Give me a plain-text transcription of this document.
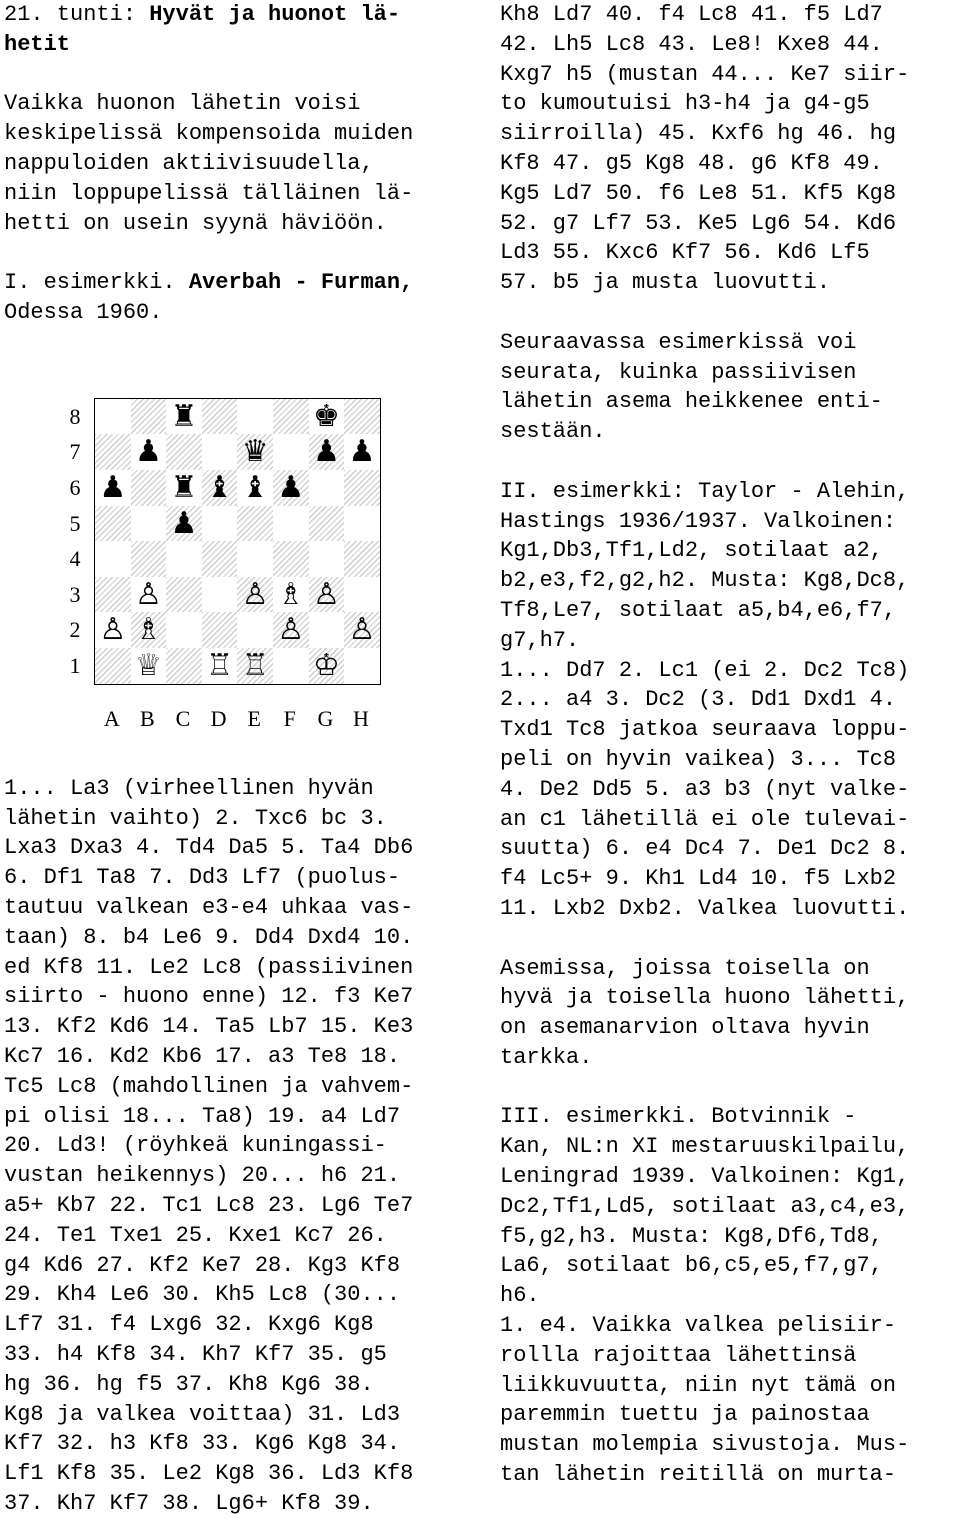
21. tunti: Hyvät ja huonot lä-
hetit
Vaikka huonon lähetin voisi
keskipelissä kompensoida muiden
nappuloiden aktiivisuudella,
niin loppupelissä tälläinen lä-
hetti on usein syynä häviöön.
I. esimerkki. Averbah - Furman,
Odessa 1960.
8
7
6
5
4
3
2
1
♜	♚
♟	♛ ♟ ♟
♟ ♜ ♝ ♝ ♟
♟
♙	♙ ♗ ♙
♙ ♗	♙ ♙
♕ ♖ ♖ ♔
A B C D E	F G H
1... La3 (virheellinen hyvän
lähetin vaihto) 2. Txc6 bc 3.
Lxa3 Dxa3 4. Td4 Da5 5. Ta4 Db6
6. Df1 Ta8 7. Dd3 Lf7 (puolus-
tautuu valkean e3-e4 uhkaa vas-
taan) 8. b4 Le6 9. Dd4 Dxd4 10.
ed Kf8 11. Le2 Lc8 (passiivinen
siirto - huono enne) 12. f3 Ke7
13. Kf2 Kd6 14. Ta5 Lb7 15. Ke3
Kc7 16. Kd2 Kb6 17. a3 Te8 18.
Tc5 Lc8 (mahdollinen ja vahvem-
pi olisi 18... Ta8) 19. a4 Ld7
20. Ld3! (röyhkeä kuningassi-
vustan heikennys) 20... h6 21.
a5+ Kb7 22. Tc1 Lc8 23. Lg6 Te7
24. Te1 Txe1 25. Kxe1 Kc7 26.
g4 Kd6 27. Kf2 Ke7 28. Kg3 Kf8
29. Kh4 Le6 30. Kh5 Lc8 (30...
Lf7 31. f4 Lxg6 32. Kxg6 Kg8
33. h4 Kf8 34. Kh7 Kf7 35. g5
hg 36. hg f5 37. Kh8 Kg6 38.
Kg8 ja valkea voittaa) 31. Ld3
Kf7 32. h3 Kf8 33. Kg6 Kg8 34.
Lf1 Kf8 35. Le2 Kg8 36. Ld3 Kf8
37. Kh7 Kf7 38. Lg6+ Kf8 39.
Kh8 Ld7 40. f4 Lc8 41. f5 Ld7
42. Lh5 Lc8 43. Le8! Kxe8 44.
Kxg7 h5 (mustan 44... Ke7 siir-
to kumoutuisi h3-h4 ja g4-g5
siirroilla) 45. Kxf6 hg 46. hg
Kf8 47. g5 Kg8 48. g6 Kf8 49.
Kg5 Ld7 50. f6 Le8 51. Kf5 Kg8
52. g7 Lf7 53. Ke5 Lg6 54. Kd6
Ld3 55. Kxc6 Kf7 56. Kd6 Lf5
57. b5 ja musta luovutti.
Seuraavassa esimerkissä voi
seurata, kuinka passiivisen
lähetin asema heikkenee enti-
sestään.
II. esimerkki: Taylor - Alehin,
Hastings 1936/1937. Valkoinen:
Kg1,Db3,Tf1,Ld2, sotilaat a2,
b2,e3,f2,g2,h2. Musta: Kg8,Dc8,
Tf8,Le7, sotilaat a5,b4,e6,f7,
g7,h7.
1... Dd7 2. Lc1 (ei 2. Dc2 Tc8)
2... a4 3. Dc2 (3. Dd1 Dxd1 4.
Txd1 Tc8 jatkoa seuraava loppu-
peli on hyvin vaikea) 3... Tc8
4. De2 Dd5 5. a3 b3 (nyt valke-
an c1 lähetillä ei ole tulevai-
suutta) 6. e4 Dc4 7. De1 Dc2 8.
f4 Lc5+ 9. Kh1 Ld4 10. f5 Lxb2
11. Lxb2 Dxb2. Valkea luovutti.
Asemissa, joissa toisella on
hyvä ja toisella huono lähetti,
on asemanarvion oltava hyvin
tarkka.
III. esimerkki. Botvinnik -
Kan, NL:n XI mestaruuskilpailu,
Leningrad 1939. Valkoinen: Kg1,
Dc2,Tf1,Ld5, sotilaat a3,c4,e3,
f5,g2,h3. Musta: Kg8,Df6,Td8,
La6, sotilaat b6,c5,e5,f7,g7,
h6.
1. e4. Vaikka valkea pelisiir-
rollla rajoittaa lähettinsä
liikkuvuutta, niin nyt tämä on
paremmin tuettu ja painostaa
mustan molempia sivustoja. Mus-
tan lähetin reitillä on murta-
